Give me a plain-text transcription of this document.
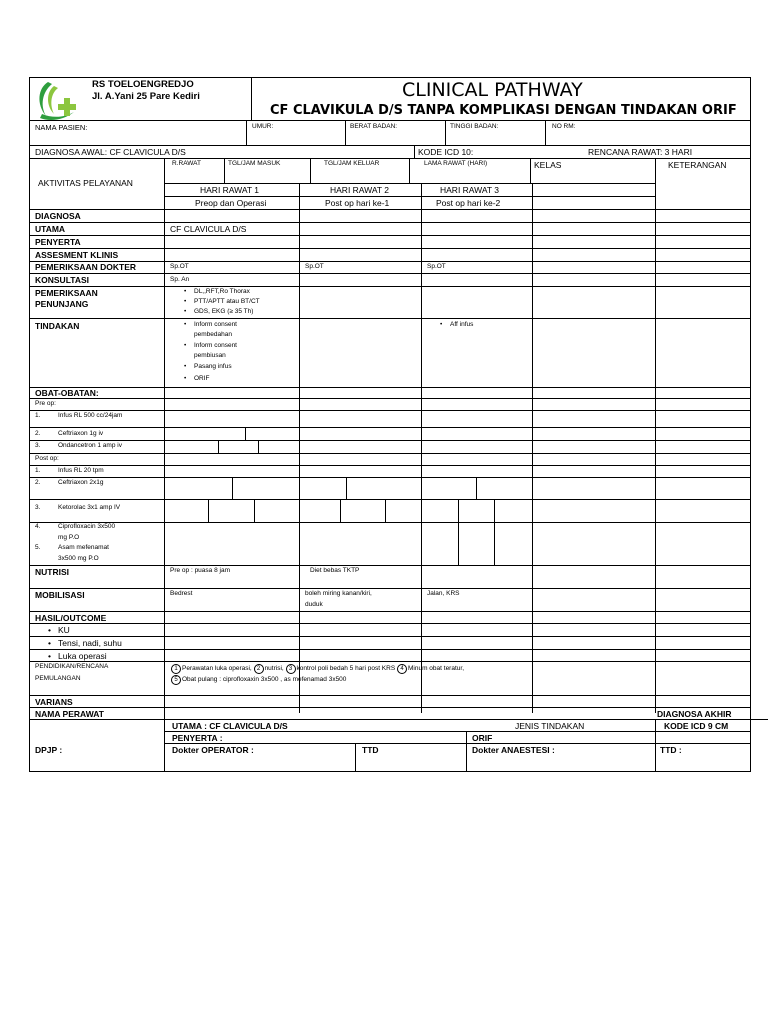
RS TOELOENGREDJO
Jl. A.Yani 25 Pare Kediri	CLINICAL PATHWAY
CF CLAVIKULA D/S TANPA KOMPLIKASI DENGAN TINDAKAN ORIF
NAMA PASIEN:	UMUR:	BERAT BADAN:	TINGGI BADAN:	NO RM:
DIAGNOSA AWAL: CF CLAVICULA D/S	KODE ICD 10:	RENCANA RAWAT: 3 HARI
AKTIVITAS PELAYANAN
R.RAWAT	TGL/JAM MASUK	TGL/JAM KELUAR	LAMA RAWAT (HARI)	KELAS	KETERANGAN
HARI RAWAT 1	HARI RAWAT 2	HARI RAWAT 3
Preop dan Operasi	Post op hari ke-1	Post op hari ke-2
DIAGNOSA
UTAMA	CF CLAVICULA D/S
PENYERTA
ASSESMENT KLINIS
PEMERIKSAAN DOKTER	Sp.OT	Sp.OT	Sp.OT
KONSULTASI	Sp. An
PEMERIKSAAN
PENUNJANG
• DL,,RFT,Ro Thorax
• PTT/APTT atau BT/CT
• GDS, EKG (≥ 35 Th)
TINDAKAN
•	Inform consent
pembedahan
• Inform consent
pembiusan
• Pasang infus
• ORIF
• Aff infus
OBAT-OBATAN:
Pre op:
1.	Infus RL 500 cc/24jam
2.	Ceftriaxon 1g iv
3.	Ondancetron 1 amp iv
Post op:
1.	Infus RL 20 tpm
2.	Ceftriaxon 2x1g
3.	Ketorolac 3x1 amp IV
4.	Ciprofloxacin 3x500
mg P.O
5.	Asam mefenamat
3x500 mg P.O
NUTRISI	Pre op : puasa 8 jam	Diet bebas TKTP
MOBILISASI	Bedrest	boleh miring kanan/kiri,
duduk
Jalan, KRS
HASIL/OUTCOME
• KU
• Tensi, nadi, suhu
• Luka operasi
PENDIDIKAN/RENCANA
PEMULANGAN
1 Perawatan luka operasi, 2 nutrisi, 3 kontrol poli bedah 5 hari post KRS 4 Minum obat teratur,
5 Obat pulang : ciprofloxaxin 3x500 , as mefenamad 3x500
VARIANS
NAMA PERAWAT	DIAGNOSA AKHIR
UTAMA : CF CLAVICULA D/S	JENIS TINDAKAN	KODE ICD 9 CM
PENYERTA :	ORIF
DPJP :	Dokter OPERATOR :	TTD	Dokter ANAESTESI :	TTD :
